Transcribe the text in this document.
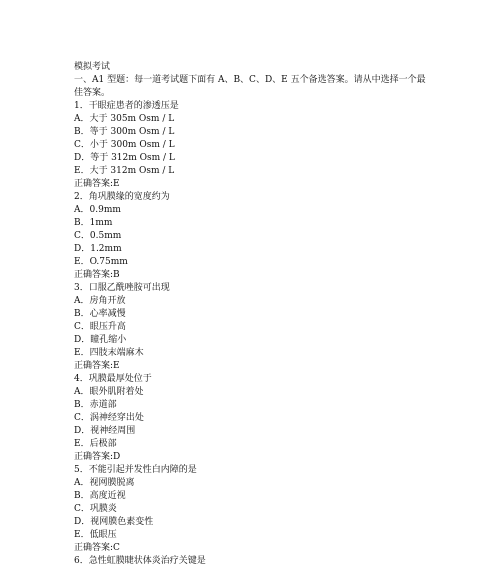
模拟考试
一、A1 型题：每一道考试题下面有 A、B、C、D、E 五个备选答案。请从中选择一个最佳答案。
1．干眼症患者的渗透压是
A．大于 305m Osm / L
B．等于 300m Osm / L
C．小于 300m Osm / L
D．等于 312m Osm / L
E．大于 312m Osm / L
正确答案:E
2．角巩膜缘的宽度约为
A．0.9mm
B．1mm
C．0.5mm
D．1.2mm
E．O.75mm
正确答案:B
3．口服乙酰唑胺可出现
A．房角开放
B．心率减慢
C．眼压升高
D．瞳孔缩小
E．四肢末端麻木
正确答案:E
4．巩膜最厚处位于
A．眼外肌附着处
B．赤道部
C．涡神经穿出处
D．视神经周围
E．后极部
正确答案:D
5．不能引起并发性白内障的是
A．视网膜脱离
B．高度近视
C．巩膜炎
D．视网膜色素变性
E．低眼压
正确答案:C
6．急性虹膜睫状体炎治疗关键是
